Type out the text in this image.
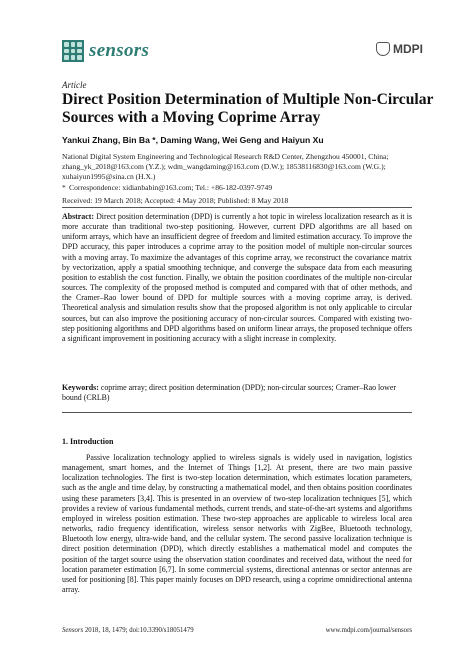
sensors	MDPI
Article
Direct Position Determination of Multiple Non-Circular Sources with a Moving Coprime Array
Yankui Zhang, Bin Ba *, Daming Wang, Wei Geng and Haiyun Xu

National Digital System Engineering and Technological Research R&D Center, Zhengzhou 450001, China;

zhang_yk_2018@163.com (Y.Z.); wdm_wangdaming@163.com (D.W.); 18538116830@163.com (W.G.);

xuhaiyun1995@sina.cn (H.X.)

* Correspondence: xidianbabin@163.com; Tel.: +86-182-0397-9749

Received: 19 March 2018; Accepted: 4 May 2018; Published: 8 May 2018

Abstract: Direct position determination (DPD) is currently a hot topic in wireless localization research as it is more accurate than traditional two-step positioning. However, current DPD algorithms are all based on uniform arrays, which have an insufficient degree of freedom and limited estimation accuracy. To improve the DPD accuracy, this paper introduces a coprime array to the position model of multiple non-circular sources with a moving array. To maximize the advantages of this coprime array, we reconstruct the covariance matrix by vectorization, apply a spatial smoothing technique, and converge the subspace data from each measuring position to establish the cost function. Finally, we obtain the position coordinates of the multiple non-circular sources. The complexity of the proposed method is computed and compared with that of other methods, and the Cramer–Rao lower bound of DPD for multiple sources with a moving coprime array, is derived. Theoretical analysis and simulation results show that the proposed algorithm is not only applicable to circular sources, but can also improve the positioning accuracy of non-circular sources. Compared with existing two-step positioning algorithms and DPD algorithms based on uniform linear arrays, the proposed technique offers a significant improvement in positioning accuracy with a slight increase in complexity.

Keywords: coprime array; direct position determination (DPD); non-circular sources; Cramer–Rao lower bound (CRLB)

1. Introduction

Passive localization technology applied to wireless signals is widely used in navigation, logistics management, smart homes, and the Internet of Things [1,2]. At present, there are two main passive localization technologies. The first is two-step location determination, which estimates location parameters, such as the angle and time delay, by constructing a mathematical model, and then obtains position coordinates using these parameters [3,4]. This is presented in an overview of two-step localization techniques [5], which provides a review of various fundamental methods, current trends, and state-of-the-art systems and algorithms employed in wireless position estimation. These two-step approaches are applicable to wireless local area networks, radio frequency identification, wireless sensor networks with ZigBee, Bluetooth technology, Bluetooth low energy, ultra-wide band, and the cellular system. The second passive localization technique is direct position determination (DPD), which directly establishes a mathematical model and computes the position of the target source using the observation station coordinates and received data, without the need for location parameter estimation [6,7]. In some commercial systems, directional antennas or sector antennas are used for positioning [8]. This paper mainly focuses on DPD research, using a coprime omnidirectional antenna array.

Sensors 2018, 18, 1479; doi:10.3390/s18051479	www.mdpi.com/journal/sensors
